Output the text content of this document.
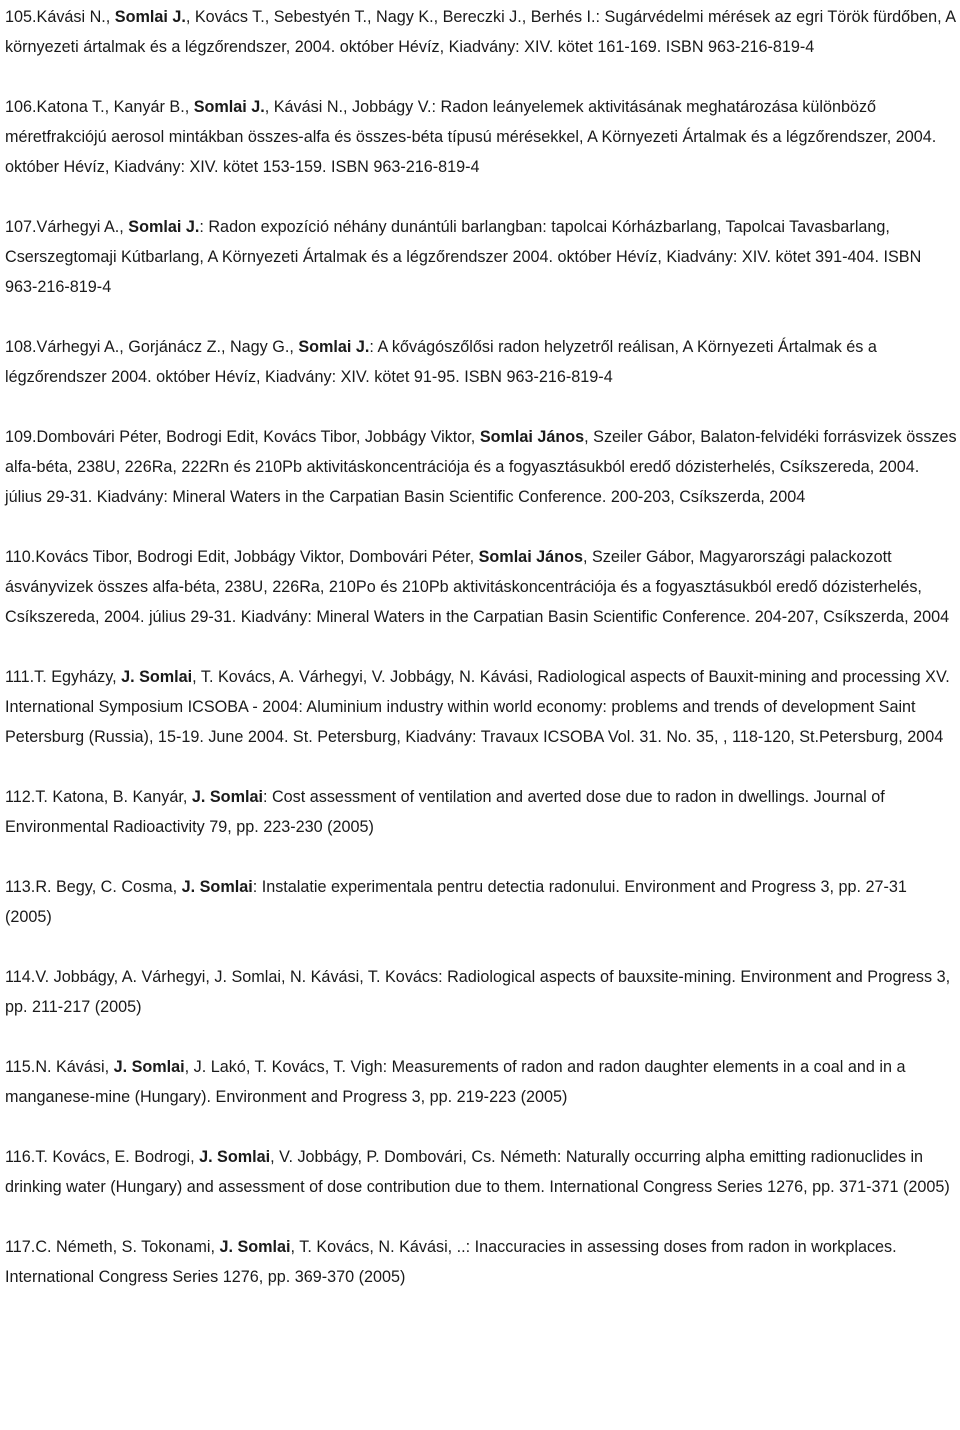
105.Kávási N., Somlai J., Kovács T., Sebestyén T., Nagy K., Bereczki J., Berhés I.: Sugárvédelmi mérések az egri Török fürdőben, A környezeti ártalmak és a légzőrendszer, 2004. október Hévíz, Kiadvány: XIV. kötet 161-169. ISBN 963-216-819-4

106.Katona T., Kanyár B., Somlai J., Kávási N., Jobbágy V.: Radon leányelemek aktivitásának meghatározása különböző méretfrakciójú aerosol mintákban összes-alfa és összes-béta típusú mérésekkel, A Környezeti Ártalmak és a légzőrendszer, 2004. október Hévíz, Kiadvány: XIV. kötet 153-159. ISBN 963-216-819-4

107.Várhegyi A., Somlai J.: Radon expozíció néhány dunántúli barlangban: tapolcai Kórházbarlang, Tapolcai Tavasbarlang, Cserszegtomaji Kútbarlang, A Környezeti Ártalmak és a légzőrendszer 2004. október Hévíz, Kiadvány: XIV. kötet 391-404. ISBN 963-216-819-4

108.Várhegyi A., Gorjánácz Z., Nagy G., Somlai J.: A kővágószőlősi radon helyzetről reálisan, A Környezeti Ártalmak és a légzőrendszer 2004. október Hévíz, Kiadvány: XIV. kötet 91-95. ISBN 963-216-819-4

109.Dombovári Péter, Bodrogi Edit, Kovács Tibor, Jobbágy Viktor, Somlai János, Szeiler Gábor, Balaton-felvidéki forrásvizek összes alfa-béta, 238U, 226Ra, 222Rn és 210Pb aktivitáskoncentrációja és a fogyasztásukból eredő dózisterhelés, Csíkszereda, 2004. július 29-31. Kiadvány: Mineral Waters in the Carpatian Basin Scientific Conference. 200-203, Csíkszerda, 2004

110.Kovács Tibor, Bodrogi Edit, Jobbágy Viktor, Dombovári Péter, Somlai János, Szeiler Gábor, Magyarországi palackozott ásványvizek összes alfa-béta, 238U, 226Ra, 210Po és 210Pb aktivitáskoncentrációja és a fogyasztásukból eredő dózisterhelés, Csíkszereda, 2004. július 29-31. Kiadvány: Mineral Waters in the Carpatian Basin Scientific Conference. 204-207, Csíkszerda, 2004

111.T. Egyházy, J. Somlai, T. Kovács, A. Várhegyi, V. Jobbágy, N. Kávási, Radiological aspects of Bauxit-mining and processing XV. International Symposium ICSOBA - 2004: Aluminium industry within world economy: problems and trends of development Saint Petersburg (Russia), 15-19. June 2004. St. Petersburg, Kiadvány: Travaux ICSOBA Vol. 31. No. 35, , 118-120, St.Petersburg, 2004

112.T. Katona, B. Kanyár, J. Somlai: Cost assessment of ventilation and averted dose due to radon in dwellings. Journal of Environmental Radioactivity 79, pp. 223-230 (2005)

113.R. Begy, C. Cosma, J. Somlai: Instalatie experimentala pentru detectia radonului. Environment and Progress 3, pp. 27-31 (2005)

114.V. Jobbágy, A. Várhegyi, J. Somlai, N. Kávási, T. Kovács: Radiological aspects of bauxsite-mining. Environment and Progress 3, pp. 211-217 (2005)

115.N. Kávási, J. Somlai, J. Lakó, T. Kovács, T. Vigh: Measurements of radon and radon daughter elements in a coal and in a manganese-mine (Hungary). Environment and Progress 3, pp. 219-223 (2005)

116.T. Kovács, E. Bodrogi, J. Somlai, V. Jobbágy, P. Dombovári, Cs. Németh: Naturally occurring alpha emitting radionuclides in drinking water (Hungary) and assessment of dose contribution due to them. International Congress Series 1276, pp. 371-371 (2005)

117.C. Németh, S. Tokonami, J. Somlai, T. Kovács, N. Kávási, ..: Inaccuracies in assessing doses from radon in workplaces. International Congress Series 1276, pp. 369-370 (2005)
